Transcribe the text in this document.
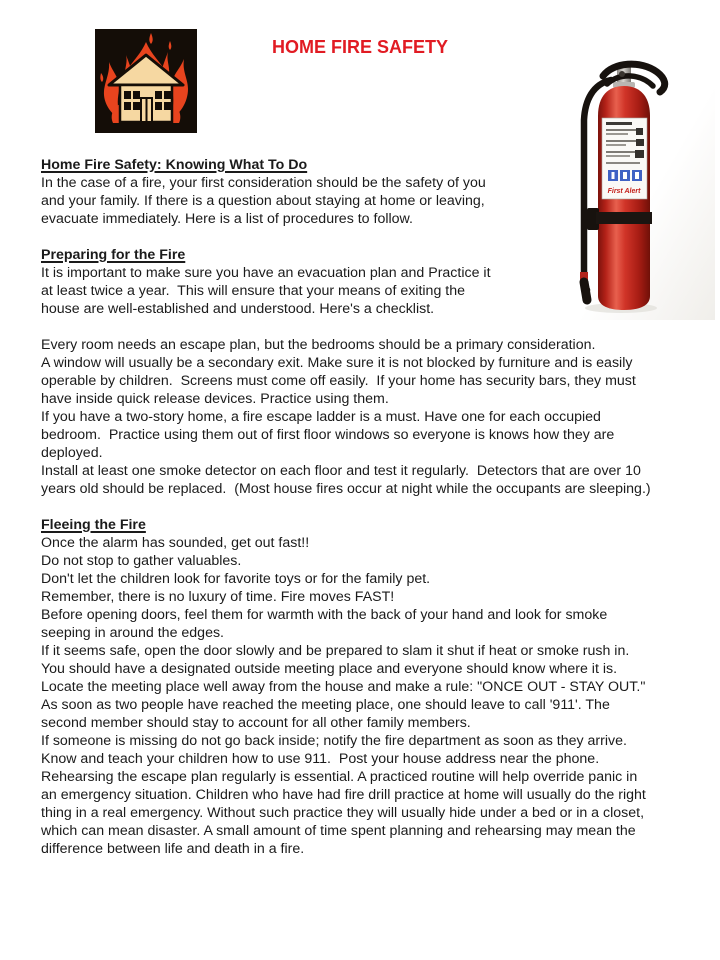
HOME FIRE SAFETY
First Alert
Home Fire Safety: Knowing What To Do

In the case of a fire, your first consideration should be the safety of you and your family. If there is a question about staying at home or leaving, evacuate immediately. Here is a list of procedures to follow.

Preparing for the Fire

It is important to make sure you have an evacuation plan and Practice it at least twice a year.  This will ensure that your means of exiting the house are well-established and understood. Here's a checklist.

Every room needs an escape plan, but the bedrooms should be a primary consideration.

A window will usually be a secondary exit. Make sure it is not blocked by furniture and is easily operable by children.  Screens must come off easily.  If your home has security bars, they must have inside quick release devices. Practice using them.

If you have a two-story home, a fire escape ladder is a must. Have one for each occupied bedroom.  Practice using them out of first floor windows so everyone is knows how they are deployed.

Install at least one smoke detector on each floor and test it regularly.  Detectors that are over 10 years old should be replaced.  (Most house fires occur at night while the occupants are sleeping.)

Fleeing the Fire

Once the alarm has sounded, get out fast!!

Do not stop to gather valuables.

Don't let the children look for favorite toys or for the family pet.

Remember, there is no luxury of time. Fire moves FAST!

Before opening doors, feel them for warmth with the back of your hand and look for smoke seeping in around the edges.

If it seems safe, open the door slowly and be prepared to slam it shut if heat or smoke rush in.

You should have a designated outside meeting place and everyone should know where it is.

Locate the meeting place well away from the house and make a rule: "ONCE OUT - STAY OUT."

As soon as two people have reached the meeting place, one should leave to call '911'. The second member should stay to account for all other family members.

If someone is missing do not go back inside; notify the fire department as soon as they arrive.

Know and teach your children how to use 911.  Post your house address near the phone.

Rehearsing the escape plan regularly is essential. A practiced routine will help override panic in an emergency situation. Children who have had fire drill practice at home will usually do the right thing in a real emergency. Without such practice they will usually hide under a bed or in a closet, which can mean disaster. A small amount of time spent planning and rehearsing may mean the difference between life and death in a fire.
